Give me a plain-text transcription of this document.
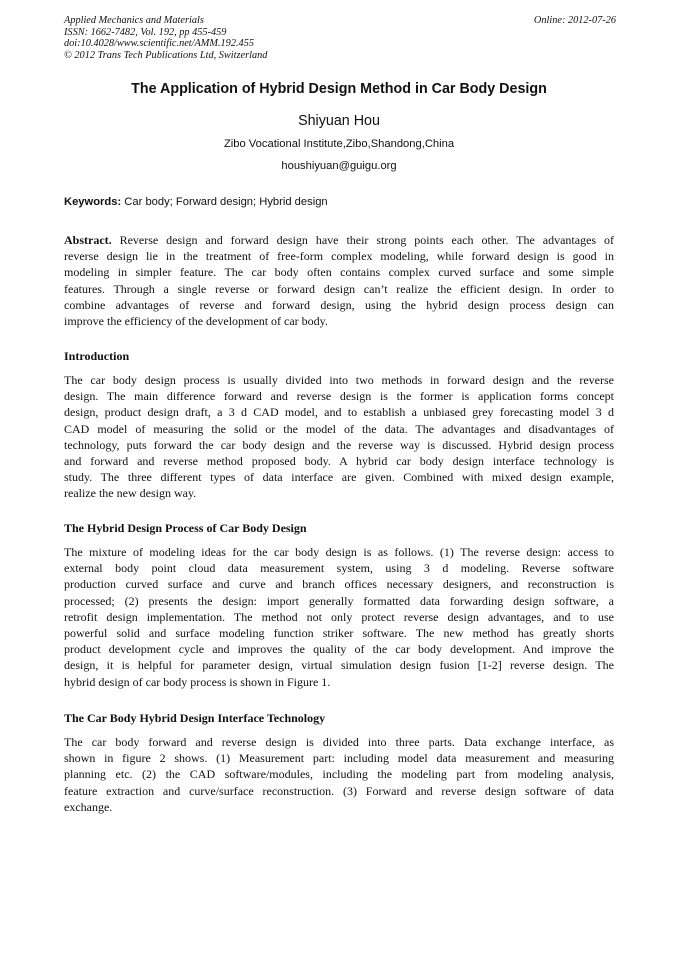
Applied Mechanics and Materials
ISSN: 1662-7482, Vol. 192, pp 455-459
doi:10.4028/www.scientific.net/AMM.192.455
© 2012 Trans Tech Publications Ltd, Switzerland
Online: 2012-07-26
The Application of Hybrid Design Method in Car Body Design
Shiyuan Hou
Zibo Vocational Institute,Zibo,Shandong,China
houshiyuan@guigu.org
Keywords: Car body; Forward design; Hybrid design
Abstract. Reverse design and forward design have their strong points each other. The advantages of
reverse design lie in the treatment of free-form complex modeling, while forward design is good in
modeling in simpler feature. The car body often contains complex curved surface and some simple
features. Through a single reverse or forward design can’t realize the efficient design. In order to
combine advantages of reverse and forward design, using the hybrid design process design can
improve the efficiency of the development of car body.
Introduction
The car body design process is usually divided into two methods in forward design and the reverse
design. The main difference forward and reverse design is the former is application forms concept
design, product design draft, a 3 d CAD model, and to establish a unbiased grey forecasting model 3 d
CAD model of measuring the solid or the model of the data. The advantages and disadvantages of
technology, puts forward the car body design and the reverse way is discussed. Hybrid design process
and forward and reverse method proposed body. A hybrid car body design interface technology is
study. The three different types of data interface are given. Combined with mixed design example,
realize the new design way.
The Hybrid Design Process of Car Body Design
The mixture of modeling ideas for the car body design is as follows. (1) The reverse design: access to
external body point cloud data measurement system, using 3 d modeling. Reverse software
production curved surface and curve and branch offices necessary designers, and reconstruction is
processed; (2) presents the design: import generally formatted data forwarding design software, a
retrofit design implementation. The method not only protect reverse design advantages, and to use
powerful solid and surface modeling function striker software. The new method has greatly shorts
product development cycle and improves the quality of the car body development. And improve the
design, it is helpful for parameter design, virtual simulation design fusion [1-2] reverse design. The
hybrid design of car body process is shown in Figure 1.
The Car Body Hybrid Design Interface Technology
The car body forward and reverse design is divided into three parts. Data exchange interface, as
shown in figure 2 shows. (1) Measurement part: including model data measurement and measuring
planning etc. (2) the CAD software/modules, including the modeling part from modeling analysis,
feature extraction and curve/surface reconstruction. (3) Forward and reverse design software of data
exchange.
